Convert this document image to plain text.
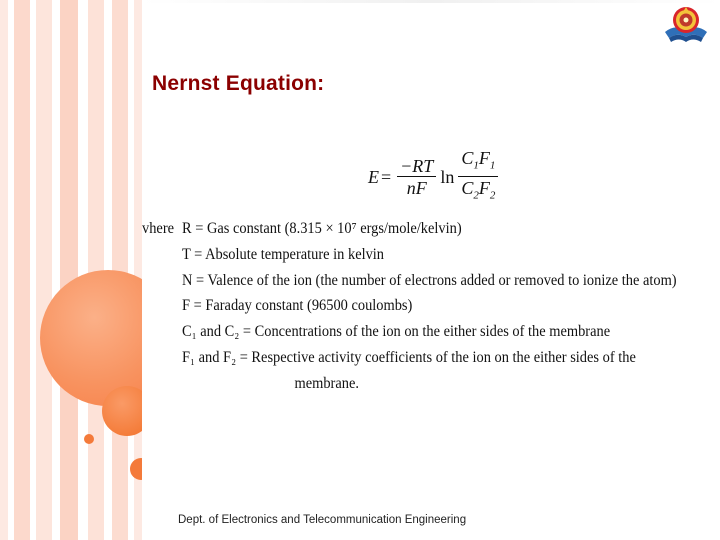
Nernst Equation:
$E = \frac{-RT}{nF}$ $\ln \frac{C_1F_1}{C_2F_2}$
vhere R = Gas constant (8.315 × 10⁷ ergs/mole/kelvin)
T = Absolute temperature in kelvin
N = Valence of the ion (the number of electrons added or removed to ionize the atom)
F = Faraday constant (96500 coulombs)
C₁ and C₂ = Concentrations of the ion on the either sides of the membrane
F₁ and F₂ = Respective activity coefficients of the ion on the either sides of the
membrane.
Dept. of Electronics and Telecommunication Engineering
